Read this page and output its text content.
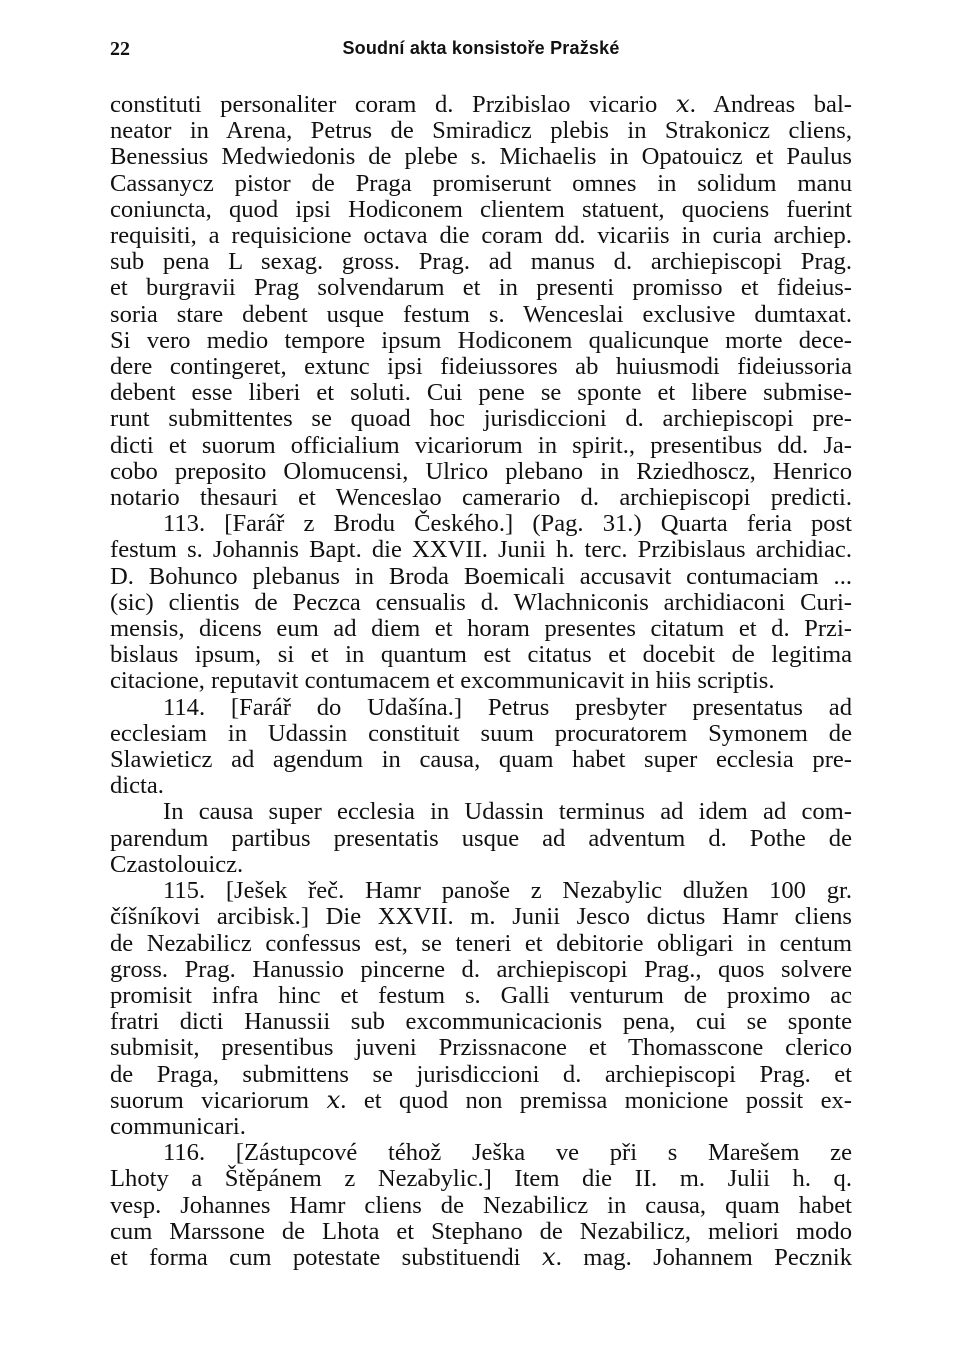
22	Soudní akta konsistoře Pražské
constituti personaliter coram d. Przibislao vicario 𝑥. Andreas bal-
neator in Arena, Petrus de Smiradicz plebis in Strakonicz cliens,
Benessius Medwiedonis de plebe s. Michaelis in Opatouicz et Paulus
Cassanycz pistor de Praga promiserunt omnes in solidum manu
coniuncta, quod ipsi Hodiconem clientem statuent, quociens fuerint
requisiti, a requisicione octava die coram dd. vicariis in curia archiep.
sub pena L sexag. gross. Prag. ad manus d. archiepiscopi Prag.
et burgravii Prag solvendarum et in presenti promisso et fideius-
soria stare debent usque festum s. Wenceslai exclusive dumtaxat.
Si vero medio tempore ipsum Hodiconem qualicunque morte dece-
dere contingeret, extunc ipsi fideiussores ab huiusmodi fideiussoria
debent esse liberi et soluti. Cui pene se sponte et libere submise-
runt submittentes se quoad hoc jurisdiccioni d. archiepiscopi pre-
dicti et suorum officialium vicariorum in spirit., presentibus dd. Ja-
cobo preposito Olomucensi, Ulrico plebano in Rziedhoscz, Henrico
notario thesauri et Wenceslao camerario d. archiepiscopi predicti.
113. [Farář z Brodu Českého.] (Pag. 31.) Quarta feria post
festum s. Johannis Bapt. die XXVII. Junii h. terc. Przibislaus archidiac.
D. Bohunco plebanus in Broda Boemicali accusavit contumaciam ...
(sic) clientis de Peczca censualis d. Wlachniconis archidiaconi Curi-
mensis, dicens eum ad diem et horam presentes citatum et d. Przi-
bislaus ipsum, si et in quantum est citatus et docebit de legitima
citacione, reputavit contumacem et excommunicavit in hiis scriptis.
114. [Farář do Udašína.] Petrus presbyter presentatus ad
ecclesiam in Udassin constituit suum procuratorem Symonem de
Slawieticz ad agendum in causa, quam habet super ecclesia pre-
dicta.
In causa super ecclesia in Udassin terminus ad idem ad com-
parendum partibus presentatis usque ad adventum d. Pothe de
Czastolouicz.
115. [Ješek řeč. Hamr panoše z Nezabylic dlužen 100 gr.
číšníkovi arcibisk.] Die XXVII. m. Junii Jesco dictus Hamr cliens
de Nezabilicz confessus est, se teneri et debitorie obligari in centum
gross. Prag. Hanussio pincerne d. archiepiscopi Prag., quos solvere
promisit infra hinc et festum s. Galli venturum de proximo ac
fratri dicti Hanussii sub excommunicacionis pena, cui se sponte
submisit, presentibus juveni Przissnacone et Thomasscone clerico
de Praga, submittens se jurisdiccioni d. archiepiscopi Prag. et
suorum vicariorum 𝑥. et quod non premissa monicione possit ex-
communicari.
116. [Zástupcové téhož Ješka ve při s Marešem ze
Lhoty a Štěpánem z Nezabylic.] Item die II. m. Julii h. q.
vesp. Johannes Hamr cliens de Nezabilicz in causa, quam habet
cum Marssone de Lhota et Stephano de Nezabilicz, meliori modo
et forma cum potestate substituendi 𝑥. mag. Johannem Pecznik
